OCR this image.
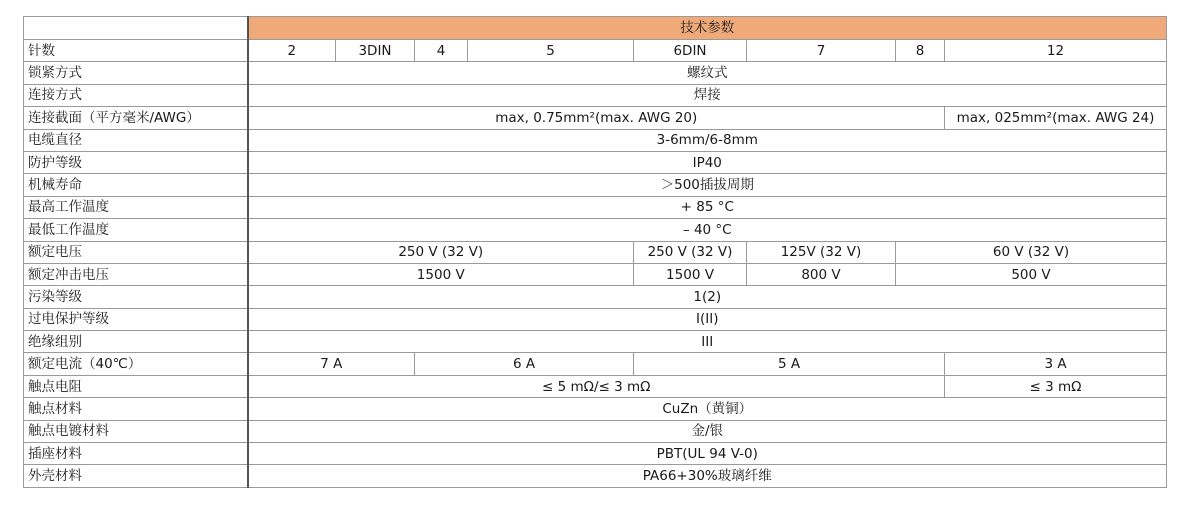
	技术参数							
针数	2	3DIN	4	5	6DIN	7	8	12
锁紧方式	螺纹式							
连接方式	焊接							
连接截面（平方毫米/AWG）	max, 0.75mm²(max. AWG 20)							max, 025mm²(max. AWG 24)
电缆直径	3-6mm/6-8mm							
防护等级	IP40							
机械寿命	＞500插拔周期							
最高工作温度	+ 85 °C							
最低工作温度	– 40 °C							
额定电压	250 V (32 V)				250 V (32 V)	125V (32 V)	60 V (32 V)	
额定冲击电压	1500 V				1500 V	800 V	500 V	
污染等级	1(2)							
过电保护等级	I(II)							
绝缘组别	III							
额定电流（40℃）	7 A		6 A		5 A			3 A
触点电阻	≤ 5 mΩ/≤ 3 mΩ							≤ 3 mΩ
触点材料	CuZn（黄铜）							
触点电镀材料	金/银							
插座材料	PBT(UL 94 V-0)							
外壳材料	PA66+30%玻璃纤维							
